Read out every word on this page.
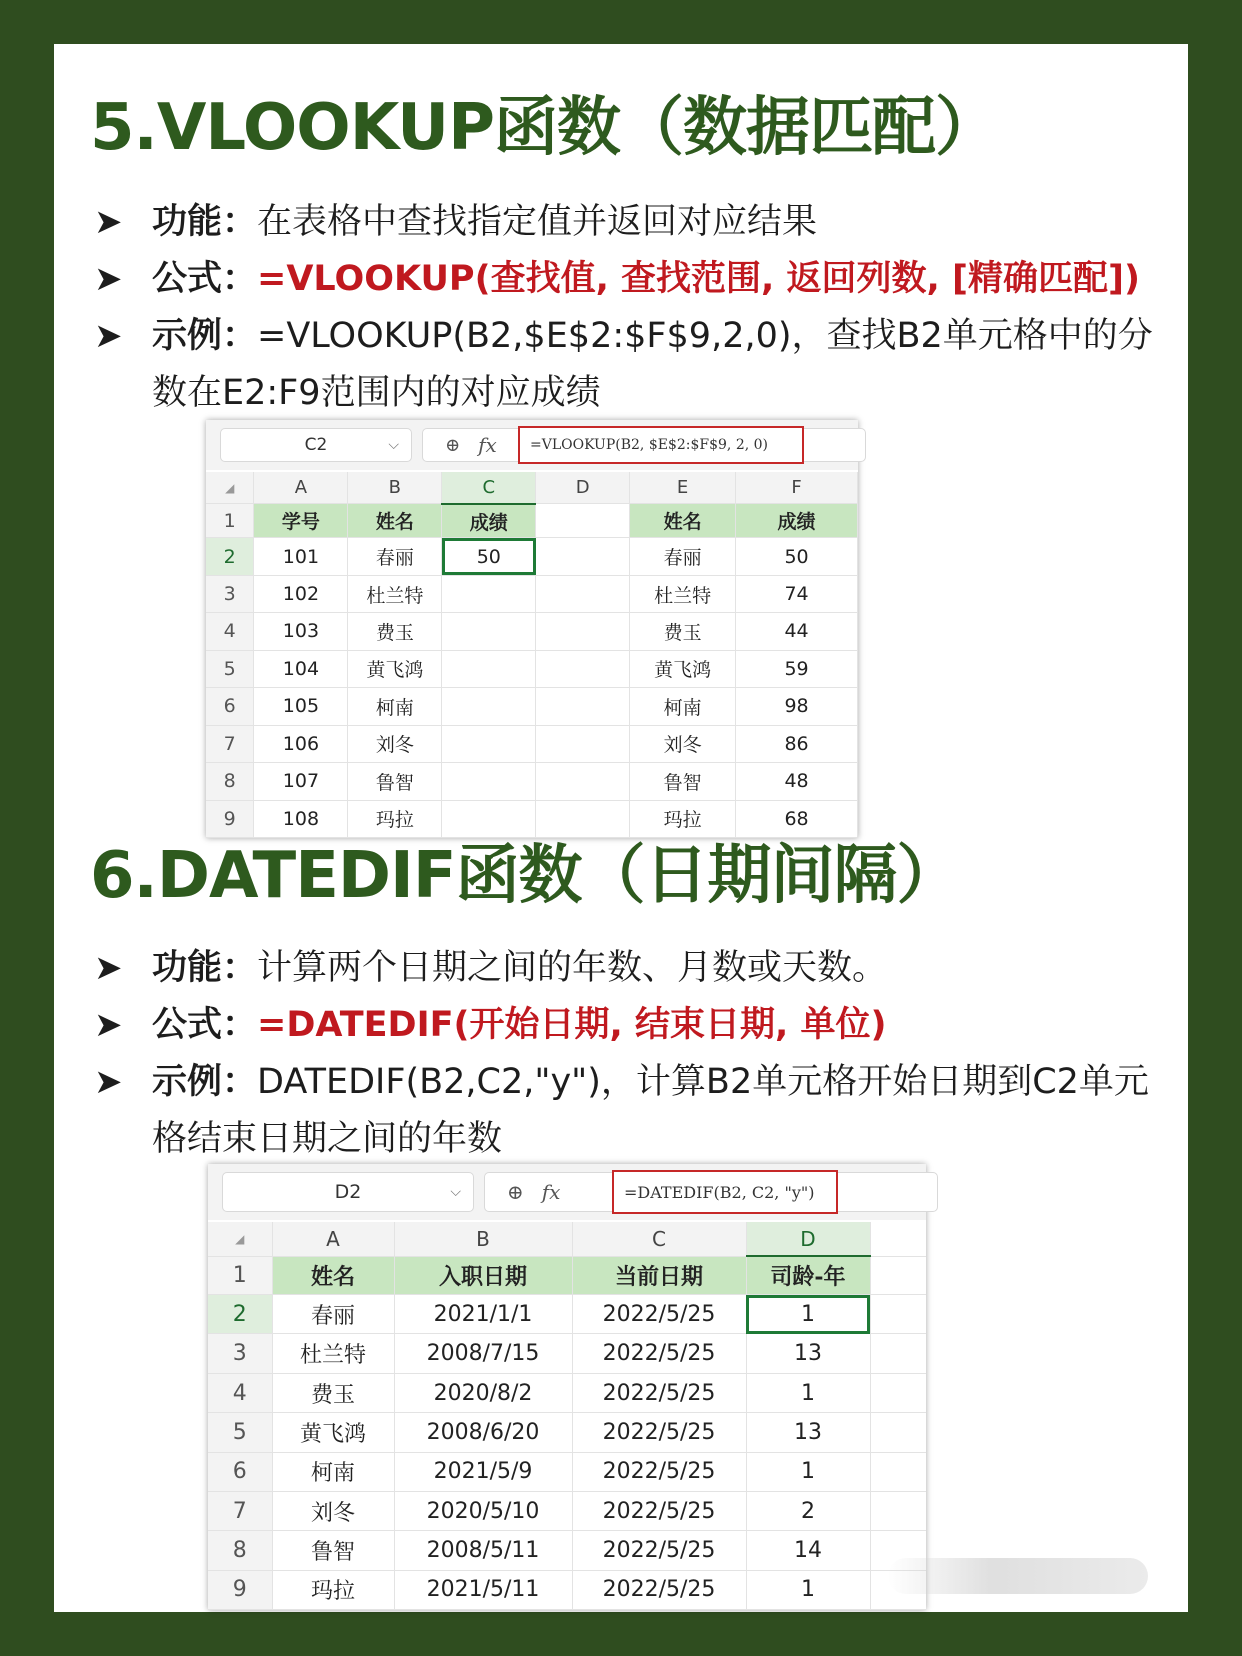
5.VLOOKUP函数（数据匹配）
➤ 功能：在表格中查找指定值并返回对应结果
➤ 公式：=VLOOKUP(查找值, 查找范围, 返回列数, [精确匹配])
➤ 示例：=VLOOKUP(B2,$E$2:$F$9,2,0)，查找B2单元格中的分数在E2:F9范围内的对应成绩
C2	⌵	⊕ fx	=VLOOKUP(B2, $E$2:$F$9, 2, 0)
◢	A	B	C	D	E	F
1	学号	姓名	成绩		姓名	成绩
2	101	春丽	50		春丽	50
3	102	杜兰特			杜兰特	74
4	103	费玉			费玉	44
5	104	黄飞鸿			黄飞鸿	59
6	105	柯南			柯南	98
7	106	刘冬			刘冬	86
8	107	鲁智			鲁智	48
9	108	玛拉			玛拉	68
6.DATEDIF函数（日期间隔）
➤ 功能：计算两个日期之间的年数、月数或天数。
➤ 公式：=DATEDIF(开始日期, 结束日期, 单位)
➤ 示例：DATEDIF(B2,C2,"y")，计算B2单元格开始日期到C2单元格结束日期之间的年数
D2	⌵ ⊕ fx	=DATEDIF(B2, C2, "y")
◢	A	B	C	D	
1	姓名	入职日期	当前日期	司龄-年	
2	春丽	2021/1/1	2022/5/25	1	
3	杜兰特	2008/7/15	2022/5/25	13	
4	费玉	2020/8/2	2022/5/25	1	
5	黄飞鸿	2008/6/20	2022/5/25	13	
6	柯南	2021/5/9	2022/5/25	1	
7	刘冬	2020/5/10	2022/5/25	2	
8	鲁智	2008/5/11	2022/5/25	14	
9	玛拉	2021/5/11	2022/5/25	1	
